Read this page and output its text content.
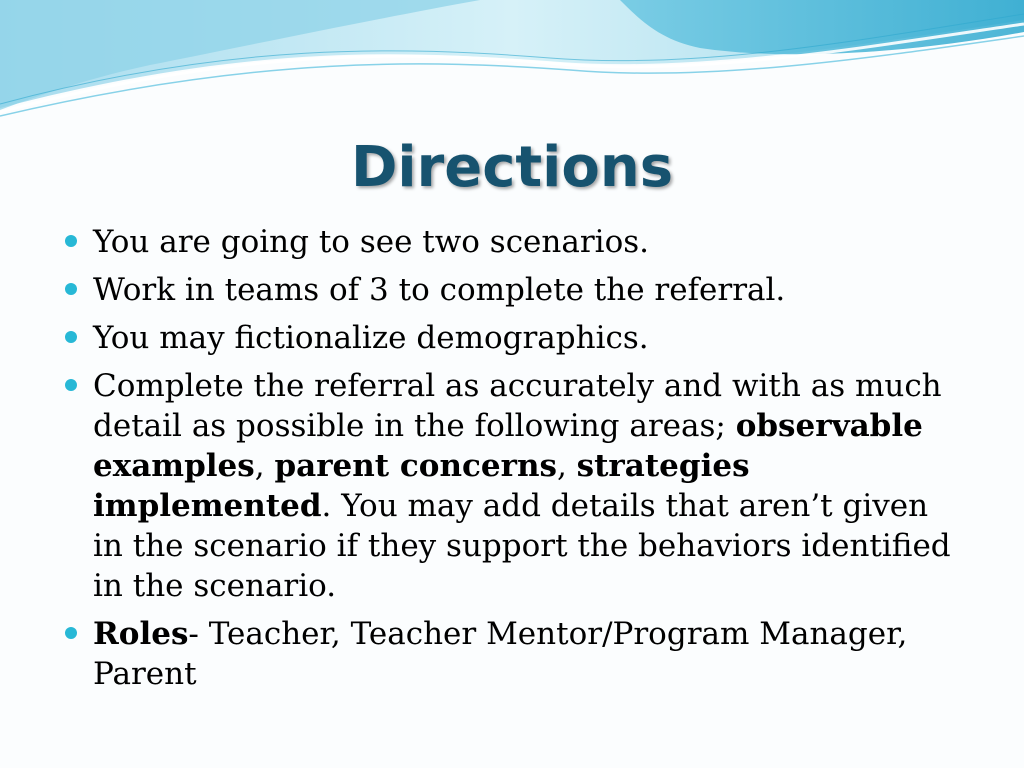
Directions
You are going to see two scenarios.
Work in teams of 3 to complete the referral.
You may fictionalize demographics.
Complete the referral as accurately and with as much detail as possible in the following areas; observable examples, parent concerns, strategies implemented. You may add details that aren’t given in the scenario if they support the behaviors identified in the scenario.
Roles- Teacher, Teacher Mentor/Program Manager, Parent
